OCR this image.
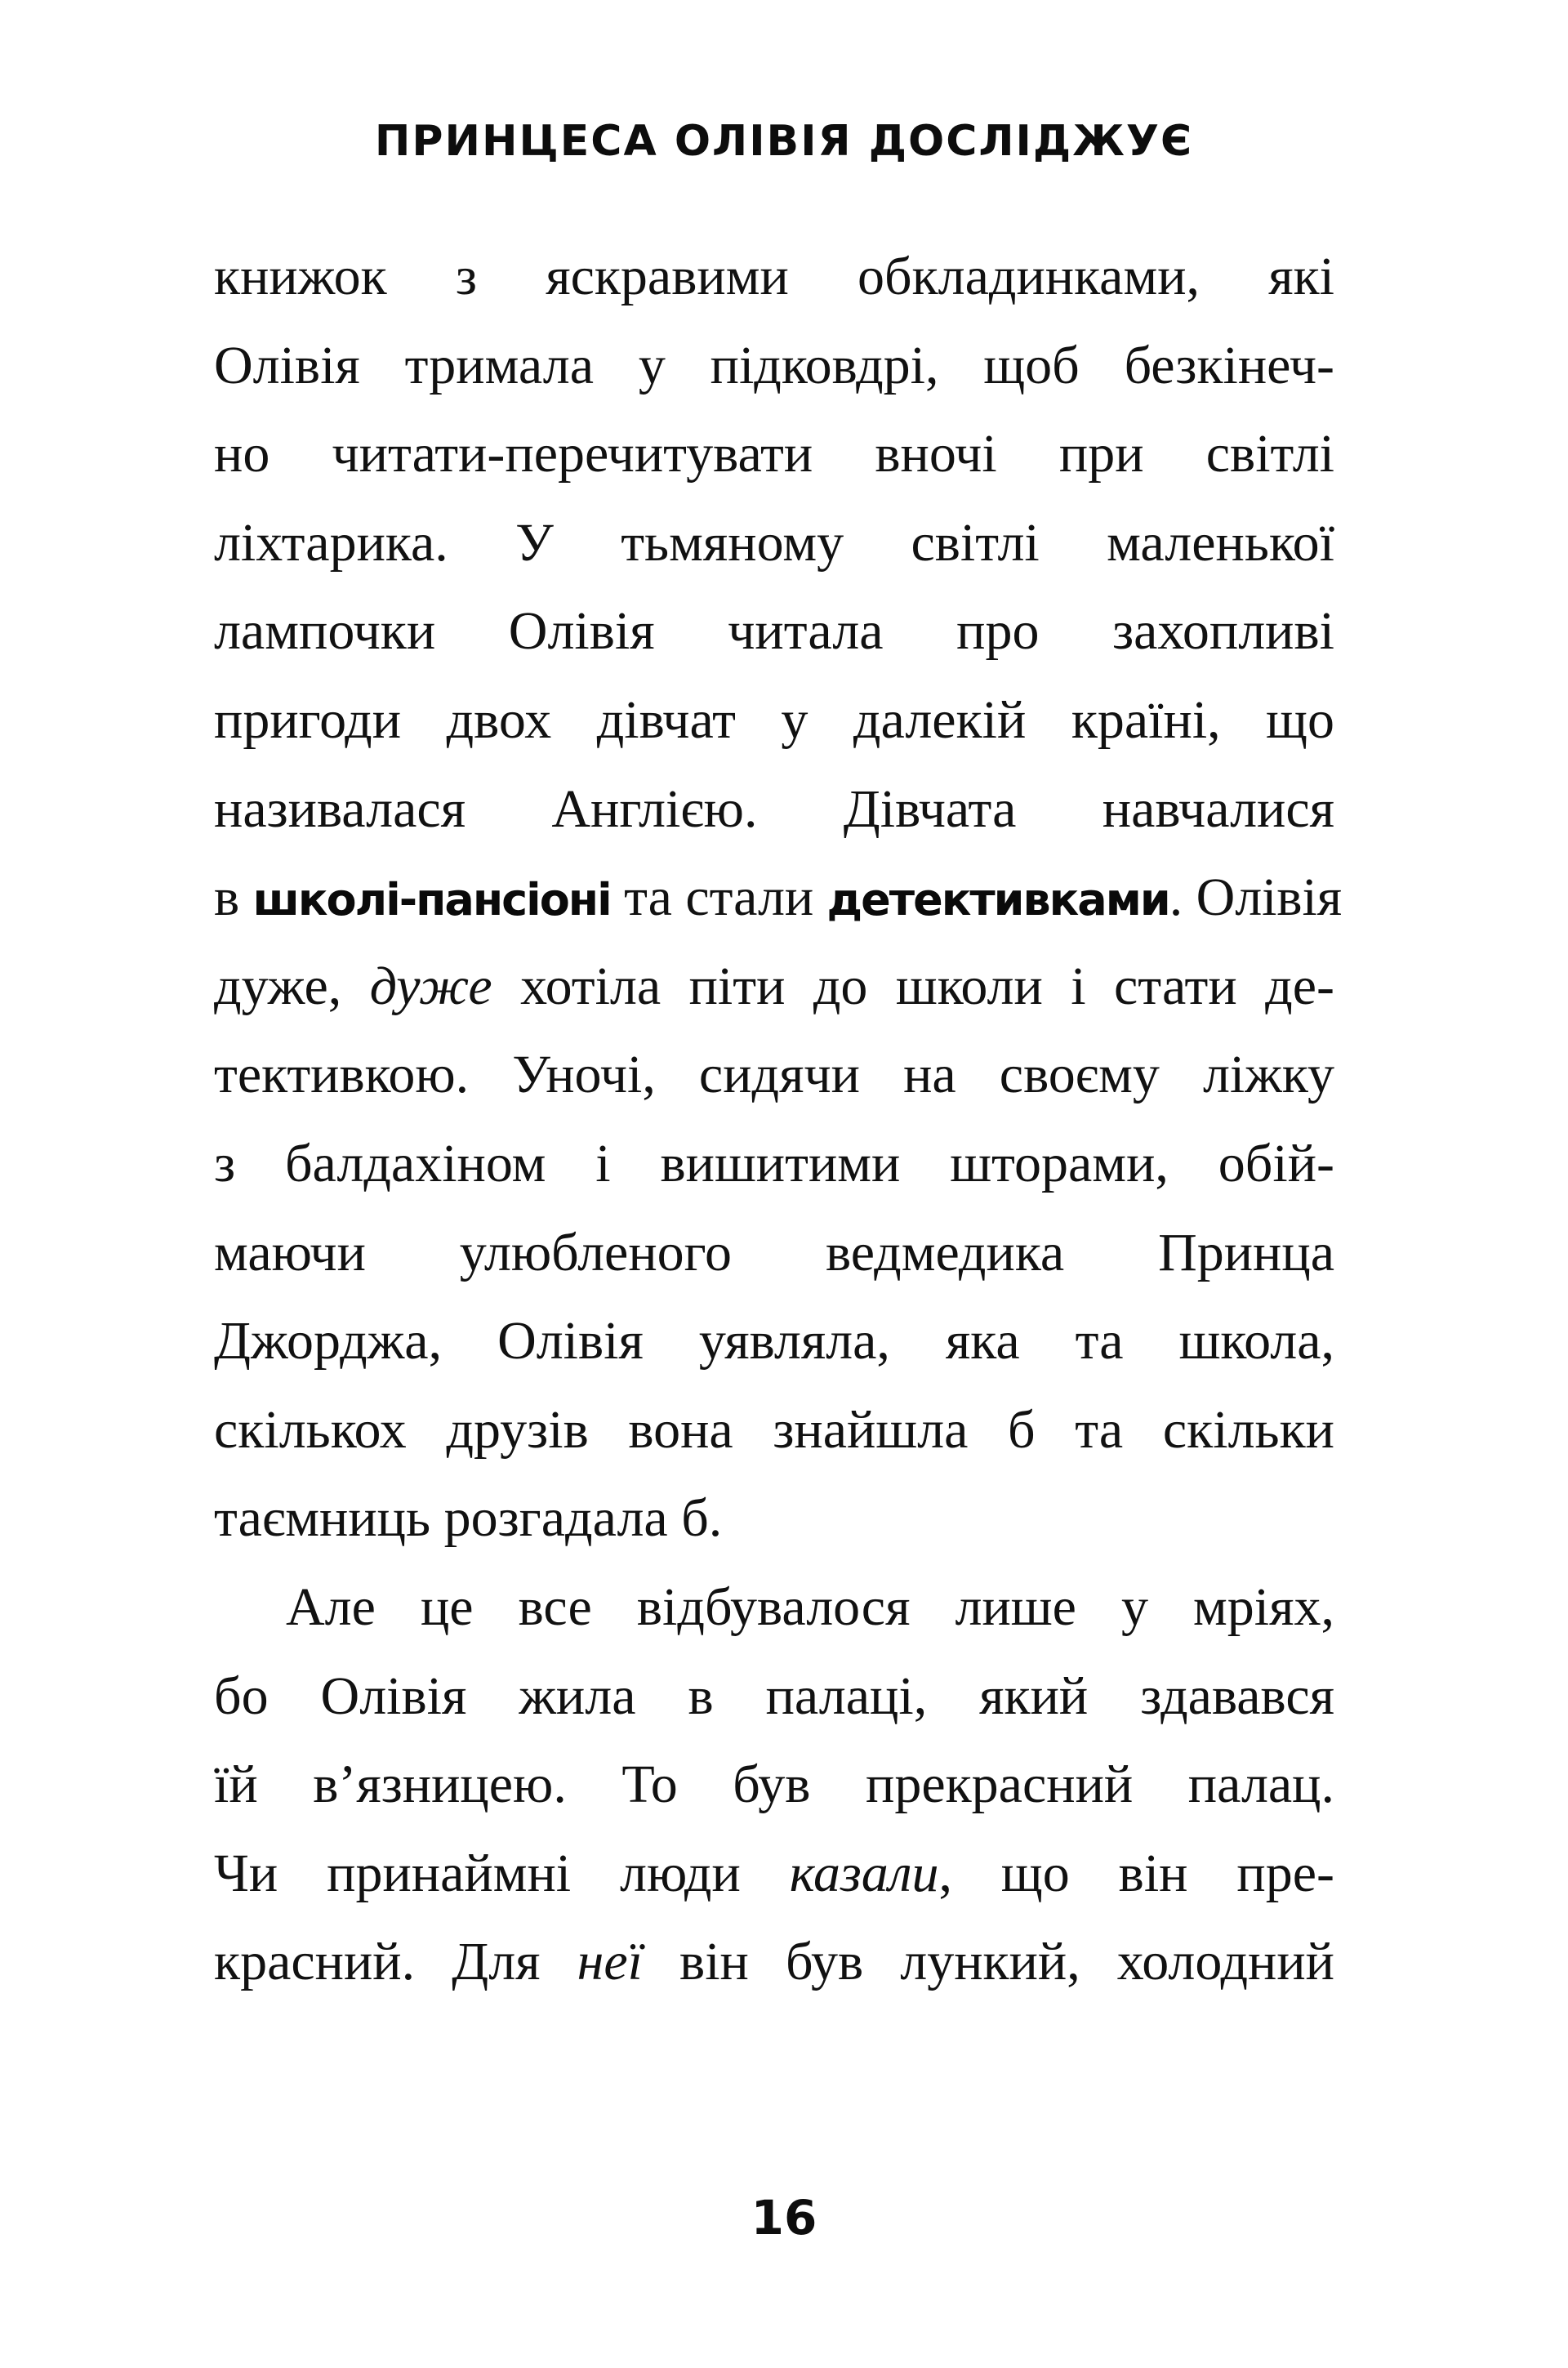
ПРИНЦЕСА ОЛІВІЯ ДОСЛІДЖУЄ
книжок з яскравими обкладинками, які
Олівія тримала у підковдрі, щоб безкінеч-
но читати-перечитувати вночі при світлі
ліхтарика. У тьмяному світлі маленької
лампочки Олівія читала про захопливі
пригоди двох дівчат у далекій країні, що
називалася Англією. Дівчата навчалися
в школі-пансіоні та стали детективками. Олівія
дуже, дуже хотіла піти до школи і стати де-
тективкою. Уночі, сидячи на своєму ліжку
з балдахіном і вишитими шторами, обій-
маючи улюбленого ведмедика Принца
Джорджа, Олівія уявляла, яка та школа,
скількох друзів вона знайшла б та скільки
таємниць розгадала б.
Але це все відбувалося лише у мріях,
бо Олівія жила в палаці, який здавався
їй в’язницею. То був прекрасний палац.
Чи принаймні люди казали, що він пре-
красний. Для неї він був лункий, холодний
16
